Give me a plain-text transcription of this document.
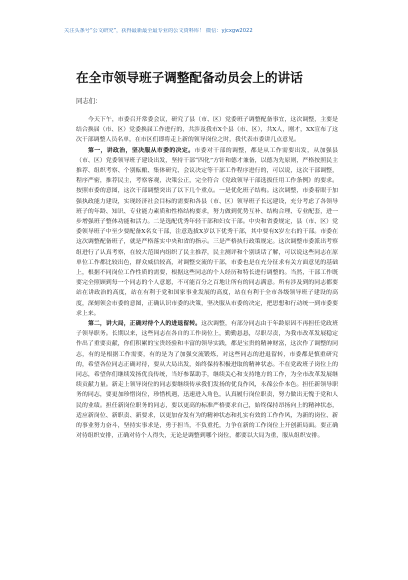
关注头条号“公文研究”，获得最新最全最专业的公文资料库！ 微信：yjcxgw2022
在全市领导班子调整配备动员会上的讲话
同志们：

今天下午，市委召开常委会议，研究了县（市、区）党委班子调整配备事宜，这次调整，主要是结合换届（市、区）党委换届工作进行的，共涉及我市X个县（市、区），共X人，刚才，XX宣布了这次干部调整人员名单，在市区们即将走上新的领导岗位之时，我代表市委讲几点意见。

第一，讲政治，坚决服从市委的决定。市委对干部的调整，都是从工作需要出发，从加强县（市、区）党委领导班子建设出发，坚持干部“四化”方针和德才兼备，以德为先原则，严格按照民主推荐、组织考察、个别酝酿、集体研究、会议决定等干部工作程序进行的，可以说，这次干部调整，程序严密，推荐民主，考察客观，决策公正，完全符合《党政领导干部选拔任用工作条例》的要求。按照市委的意图，这次干部调整突出了以下几个重点。一是优化班子结构。这次调整，市委着眼于加强执政能力建设，实现经济社会目标的需要和各县（市、区）领导班子长远建设，充分考虑了各领导班子的年龄、知识、专业能力素质和性格结构要求，努力做到优势互补、结构合理、专业配套，进一步增强班子整体功能和活力。二是选配优秀年轻干部和妇女干部。中央和省委规定，县（市、区）党委领导班子中至少要配备X名女干部，注意选拔X岁以下优秀干部，其中要有X岁左右的干部。市委在这次调整配备班子，就是严格落实中央和省的指示。三是严格执行政策规定。这次调整市委派出考察组进行了认真考察，在较大范围内组织了民主推荐，民主测评和个别谈话了解，可以说这些同志在原单位工作都比较出色，群众威信较高，对调整交流的干部，市委也是在充分征求有关方面意见的基础上，根据不同岗位工作性质的需要，根据这些同志的个人经历和特长进行调整的。当然，干部工作既要完全照顾到每一个同志的个人意愿，不可能百分之百地让所有的同志满意。所有涉及到的同志都要站在讲政治的高度，站在有利于党和国家事业发展的高度，站在有利于全市各级领导班子建设的高度，深刻领会市委的意图，正确认识市委的决策，坚决服从市委的决定，把思想和行动统一到市委要求上来。

第二，讲大局，正确对待个人的进退留转。这次调整，有部分同志由于年龄原因不再担任党政班子领导职务。长期以来，这些同志在各自的工作岗位上，勤勤恳恳，尽职尽责，为我市改革发展稳定作出了重要贡献，你们积累的宝贵经验和丰富的领导实践，都是宝贵的精神财富，这次作了调整的同志，有的是根据工作需要，有的是为了加强交流锻炼，对这些同志的进退留转，市委都是慎重研究的，希望各位同志正确对待，要从大局出发，始终保持积极进取的精神状态。不在党政班子岗位上的同志，希望你们继续发扬优良传统，当好参谋助手，继续关心和支持地方的工作，为全市改革发展继续贡献力量。新走上领导岗位的同志要继续传承我们发扬的优良作风，永葆公仆本色。担任新领导职务的同志，要更加珍惜岗位，珍惜机遇，迅速进入角色，认真履行岗位职责，努力做出无愧于党和人民的业绩。担任新岗位职务的同志，要以更高的标准严格要求自己，始终保持昂扬向上的精神状态，适应新岗位、新职责、新要求，以更加奋发有为的精神状态和扎实有效的工作作风，为新的岗位、新的事业努力奋斗，坚持实事求是，勇于担当，不负重托，力争在新的工作岗位上开创新局面。要正确对待组织安排，正确对待个人得失，无论是调整到哪个岗位，都要以大局为重，服从组织安排。
